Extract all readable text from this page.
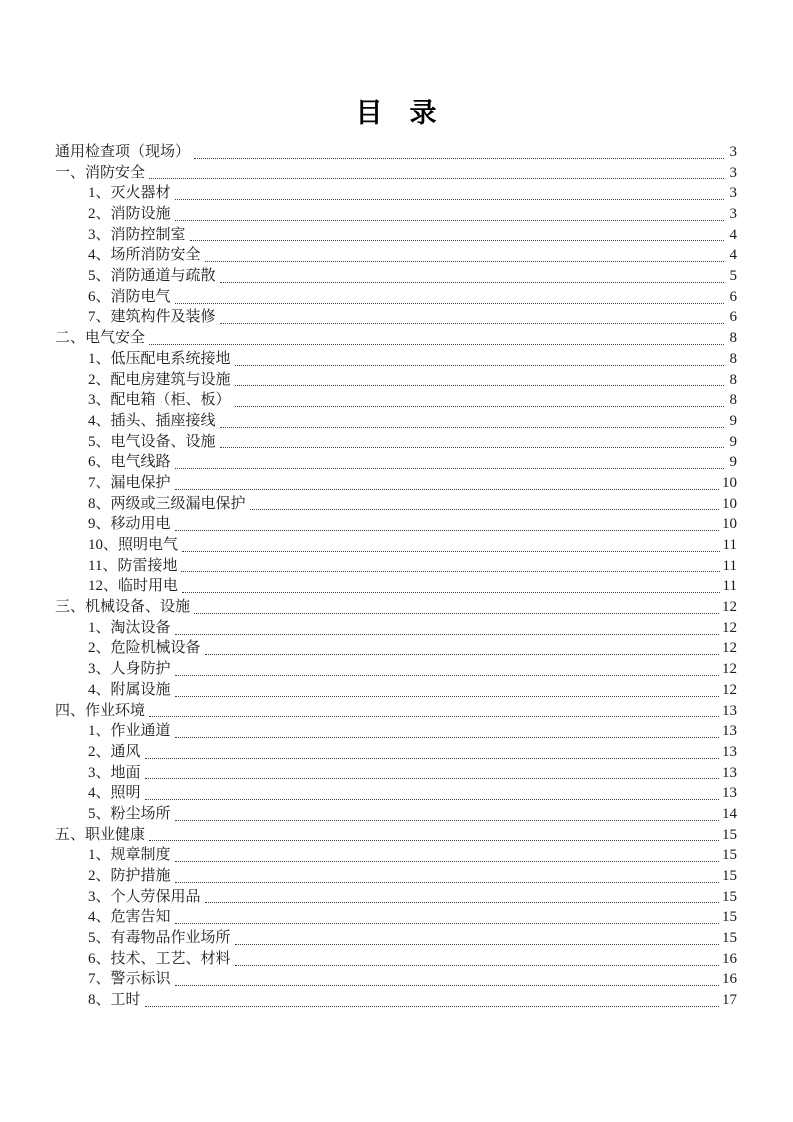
目　录
通用检查项（现场）	3
一、消防安全	3
1、灭火器材	3
2、消防设施	3
3、消防控制室	4
4、场所消防安全	4
5、消防通道与疏散	5
6、消防电气	6
7、建筑构件及装修	6
二、电气安全	8
1、低压配电系统接地	8
2、配电房建筑与设施	8
3、配电箱（柜、板）	8
4、插头、插座接线	9
5、电气设备、设施	9
6、电气线路	9
7、漏电保护	10
8、两级或三级漏电保护	10
9、移动用电	10
10、照明电气	11
11、防雷接地	11
12、临时用电	11
三、机械设备、设施	12
1、淘汰设备	12
2、危险机械设备	12
3、人身防护	12
4、附属设施	12
四、作业环境	13
1、作业通道	13
2、通风	13
3、地面	13
4、照明	13
5、粉尘场所	14
五、职业健康	15
1、规章制度	15
2、防护措施	15
3、个人劳保用品	15
4、危害告知	15
5、有毒物品作业场所	15
6、技术、工艺、材料	16
7、警示标识	16
8、工时	17
